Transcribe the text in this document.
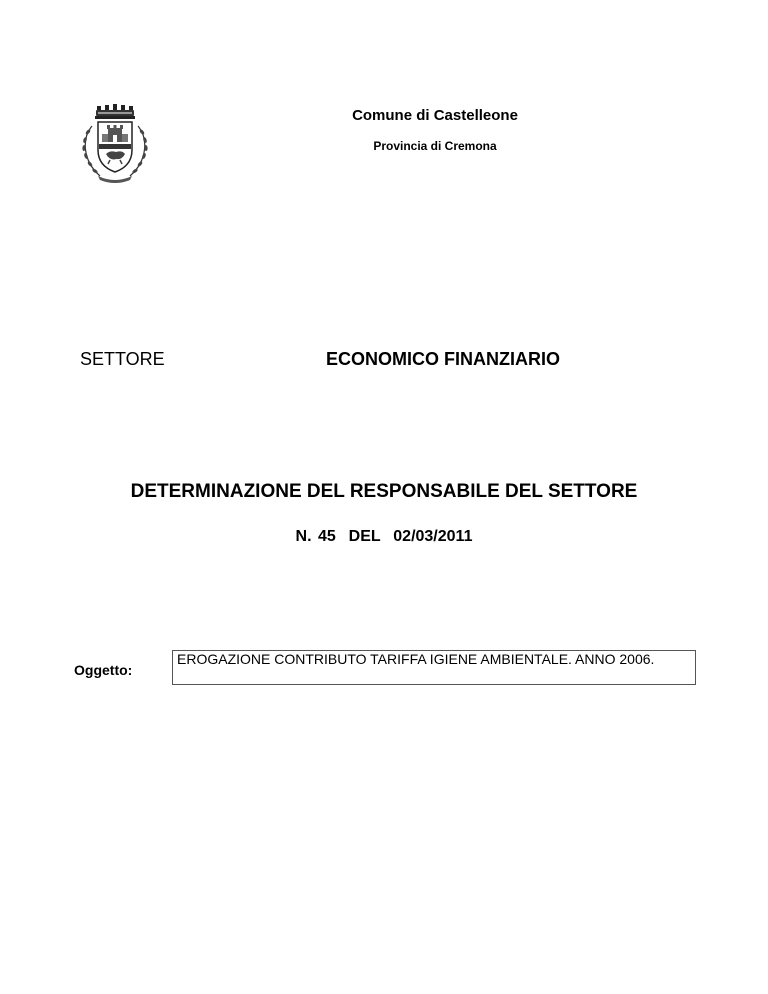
Comune di Castelleone
Provincia di Cremona
SETTORE	ECONOMICO FINANZIARIO
DETERMINAZIONE DEL RESPONSABILE DEL SETTORE
N. 45  DEL  02/03/2011
Oggetto:
EROGAZIONE CONTRIBUTO TARIFFA IGIENE AMBIENTALE. ANNO 2006.
